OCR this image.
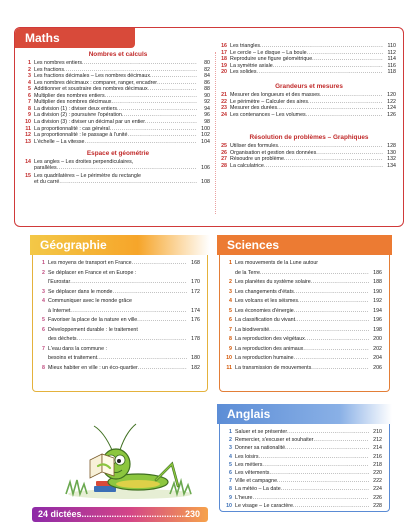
Maths
Nombres et calculs
1 Les nombres entiers .....	80
2 Les fractions .....	82
3 Les fractions décimales – Les nombres décimaux .....	84
4 Les nombres décimaux : comparer, ranger, encadrer .....	86
5 Additionner et soustraire des nombres décimaux .....	88
6 Multiplier des nombres entiers .....	90
7 Multiplier des nombres décimaux .....	92
8 La division (1) : diviser deux entiers .....	94
9 La division (2) : poursuivre l'opération .....	96
10 La division (3) : diviser un décimal par un entier .....	98
11 La proportionnalité : cas général .....	100
12 La proportionnalité : le passage à l'unité .....	102
13 L'échelle – La vitesse .....	104
Espace et géométrie
14 Les angles – Les droites perpendiculaires,
parallèles .....	106
15 Les quadrilatères – Le périmètre du rectangle
et du carré .....	108
16 Les triangles .....	110
17 Le cercle – Le disque – La boule .....	112
18 Reproduire une figure géométrique .....	114
19 La symétrie axiale .....	116
20 Les solides .....	118
Grandeurs et mesures
21 Mesurer des longueurs et des masses .....	120
22 Le périmètre – Calculer des aires .....	122
23 Mesurer des durées .....	124
24 Les contenances – Les volumes .....	126
Résolution de problèmes – Graphiques
25 Utiliser des formules .....	128
26 Organisation et gestion des données .....	130
27 Résoudre un problème .....	132
28 La calculatrice .....	134
Géographie
1 Les moyens de transport en France .....	168
2 Se déplacer en France et en Europe :
l'Eurostar .....	170
3 Se déplacer dans le monde .....	172
4 Communiquer avec le monde grâce
à Internet .....	174
5 Favoriser la place de la nature en ville .....	176
6 Développement durable : le traitement
des déchets .....	178
7 L'eau dans la commune :
besoins et traitement .....	180
8 Mieux habiter en ville : un éco-quartier .....	182
Sciences
1 Les mouvements de la Lune autour
de la Terre .....	186
2 Les planètes du système solaire .....	188
3 Les changements d'états .....	190
4 Les volcans et les séismes .....	192
5 Les économies d'énergie .....	194
6 La classification du vivant .....	196
7 La biodiversité .....	198
8 La reproduction des végétaux .....	200
9 La reproduction des animaux .....	202
10 La reproduction humaine .....	204
11 La transmission de mouvements .....	206
Anglais
1 Saluer et se présenter .....	210
2 Remercier, s'excuser et souhaiter .....	212
3 Donner sa nationalité .....	214
4 Les loisirs .....	216
5 Les métiers .....	218
6 Les vêtements .....	220
7 Ville et campagne .....	222
8 La météo – La date .....	224
9 L'heure .....	226
10 Le visage – Le caractère .....	228
24 dictées .....	230
